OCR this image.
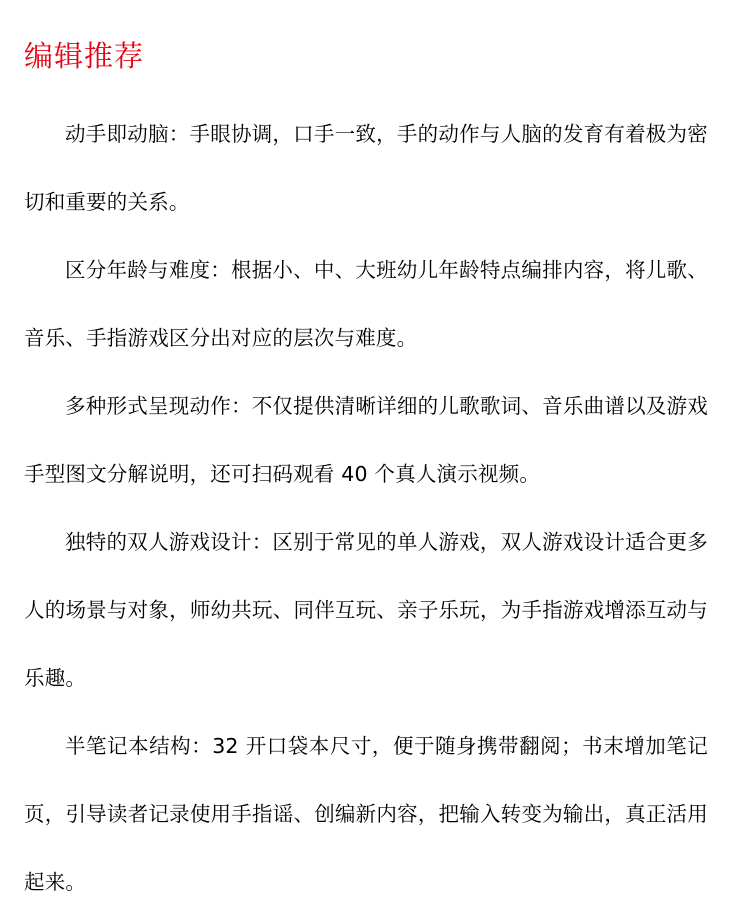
编辑推荐

动手即动脑：手眼协调，口手一致，手的动作与人脑的发育有着极为密切和重要的关系。

区分年龄与难度：根据小、中、大班幼儿年龄特点编排内容，将儿歌、音乐、手指游戏区分出对应的层次与难度。

多种形式呈现动作：不仅提供清晰详细的儿歌歌词、音乐曲谱以及游戏手型图文分解说明，还可扫码观看 40 个真人演示视频。

独特的双人游戏设计：区别于常见的单人游戏，双人游戏设计适合更多人的场景与对象，师幼共玩、同伴互玩、亲子乐玩，为手指游戏增添互动与乐趣。

半笔记本结构：32 开口袋本尺寸，便于随身携带翻阅；书末增加笔记页，引导读者记录使用手指谣、创编新内容，把输入转变为输出，真正活用起来。
